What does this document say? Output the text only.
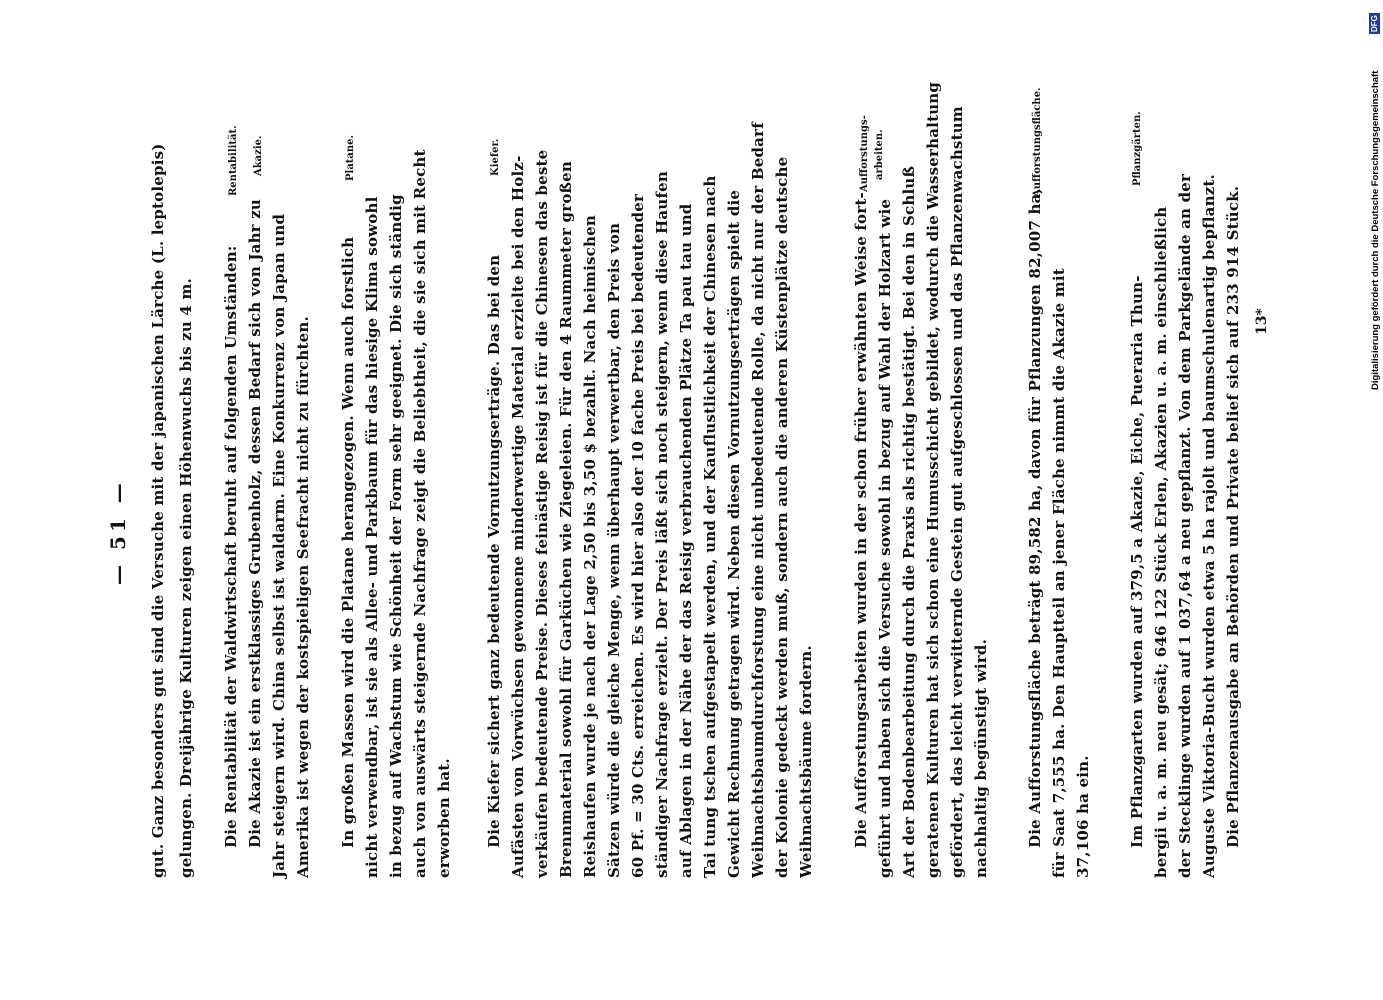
— 51 — gut. Ganz besonders gut sind die Versuche mit der japanischen Lärche (L. leptolepis) gelungen. Dreijährige Kulturen zeigen einen Höhenwuchs bis zu 4 m. Die Rentabilität der Waldwirtschaft beruht auf folgenden Umständen: Die Akazie ist ein erstklassiges Grubenholz, dessen Bedarf sich von Jahr zu Jahr steigern wird. China selbst ist waldarm. Eine Konkurrenz von Japan und Amerika ist wegen der kostspieligen Seefracht nicht zu fürchten. In großen Massen wird die Platane herangezogen. Wenn auch forstlich nicht verwendbar, ist sie als Allee- und Parkbaum für das hiesige Klima sowohl in bezug auf Wachstum wie Schönheit der Form sehr geeignet. Die sich ständig auch von auswärts steigernde Nachfrage zeigt die Beliebtheit, die sie sich mit Recht erworben hat. Die Kiefer sichert ganz bedeutende Vornutzungserträge. Das bei den Aufästen von Vorwüchsen gewonnene minderwertige Material erzielte bei den Holz- verkäufen bedeutende Preise. Dieses feinästige Reisig ist für die Chinesen das beste Brennmaterial sowohl für Garküchen wie Ziegeleien. Für den 4 Raummeter großen Reishaufen wurde je nach der Lage 2,50 bis 3,50 $ bezahlt. Nach heimischen Sätzen würde die gleiche Menge, wenn überhaupt verwertbar, den Preis von 60 Pf. = 30 Cts. erreichen. Es wird hier also der 10 fache Preis bei bedeutender ständiger Nachfrage erzielt. Der Preis läßt sich noch steigern, wenn diese Haufen auf Ablagen in der Nähe der das Reisig verbrauchenden Plätze Ta pau tau und Tai tung tschen aufgestapelt werden, und der Kauflustlichkeit der Chinesen nach Gewicht Rechnung getragen wird. Neben diesen Vornutzungserträgen spielt die Weihnachtsbaumdurchforstung eine nicht unbedeutende Rolle, da nicht nur der Bedarf der Kolonie gedeckt werden muß, sondern auch die anderen Küstenplätze deutsche Weihnachtsbäume fordern. Die Aufforstungsarbeiten wurden in der schon früher erwähnten Weise fort- geführt und haben sich die Versuche sowohl in bezug auf Wahl der Holzart wie Art der Bodenbearbeitung durch die Praxis als richtig bestätigt. Bei den in Schluß geratenen Kulturen hat sich schon eine Humusschicht gebildet, wodurch die Wasserhaltung gefördert, das leicht verwitternde Gestein gut aufgeschlossen und das Pflanzenwachstum nachhaltig begünstigt wird. Die Aufforstungsfläche beträgt 89,582 ha, davon für Pflanzungen 82,007 ha, für Saat 7,555 ha. Den Hauptteil an jener Fläche nimmt die Akazie mit 37,106 ha ein. Im Pflanzgarten wurden auf 379,5 a Akazie, Eiche, Pueraria Thun- bergii u. a. m. neu gesät; 646 122 Stück Erlen, Akazien u. a. m. einschließlich der Stecklinge wurden auf 1 037,64 a neu gepflanzt. Von dem Parkgelände an der Auguste Viktoria-Bucht wurden etwa 5 ha rajolt und baumschulenartig bepflanzt. Die Pflanzenausgabe an Behörden und Private belief sich auf 233 914 Stück. 13*
Rentabilität. Akazie.	Platane.	Kiefer.	Aufforstungs- arbeiten.	Aufforstungsfläche.	Pflanzgärten.	Digitalisierung gefördert durch die Deutsche Forschungsgemeinschaft
DFG
